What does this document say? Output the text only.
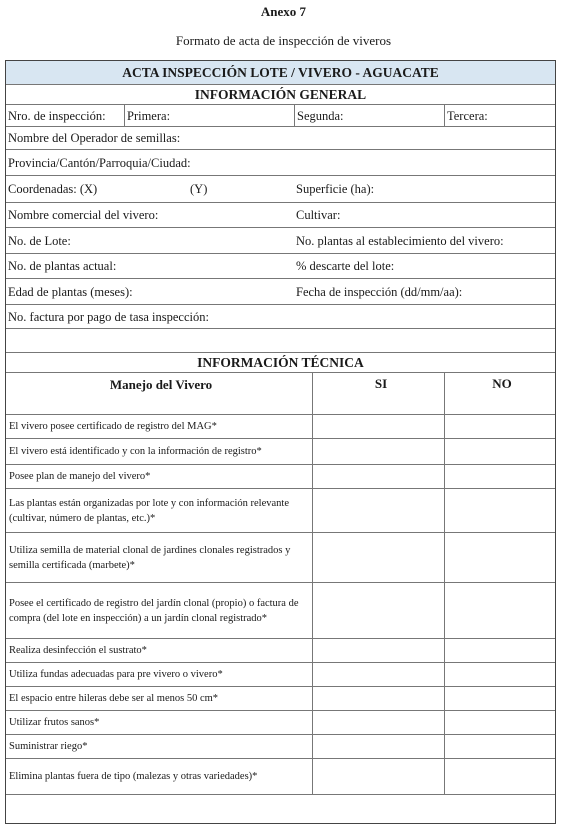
Anexo 7
Formato de acta de inspección de viveros
ACTA INSPECCIÓN LOTE / VIVERO - AGUACATE
INFORMACIÓN GENERAL
Nro. de inspección:	Primera:	Segunda:	Tercera:
Nombre del Operador de semillas:
Provincia/Cantón/Parroquia/Ciudad:
Coordenadas: (X)	(Y)	Superficie (ha):
Nombre comercial del vivero:	Cultivar:
No. de Lote:	No. plantas al establecimiento del vivero:
No. de plantas actual:	% descarte del lote:
Edad de plantas (meses):	Fecha de inspección (dd/mm/aa):
No. factura por pago de tasa inspección:
INFORMACIÓN TÉCNICA
Manejo del Vivero	SI	NO
El vivero posee certificado de registro del MAG*
El vivero está identificado y con la información de registro*
Posee plan de manejo del vivero*
Las plantas están organizadas por lote y con información relevante (cultivar, número de plantas, etc.)*
Utiliza semilla de material clonal de jardines clonales registrados y semilla certificada (marbete)*
Posee el certificado de registro del jardín clonal (propio) o factura de compra (del lote en inspección) a un jardín clonal registrado*
Realiza desinfección el sustrato*
Utiliza fundas adecuadas para pre vivero o vivero*
El espacio entre hileras debe ser al menos 50 cm*
Utilizar frutos sanos*
Suministrar riego*
Elimina plantas fuera de tipo (malezas y otras variedades)*
